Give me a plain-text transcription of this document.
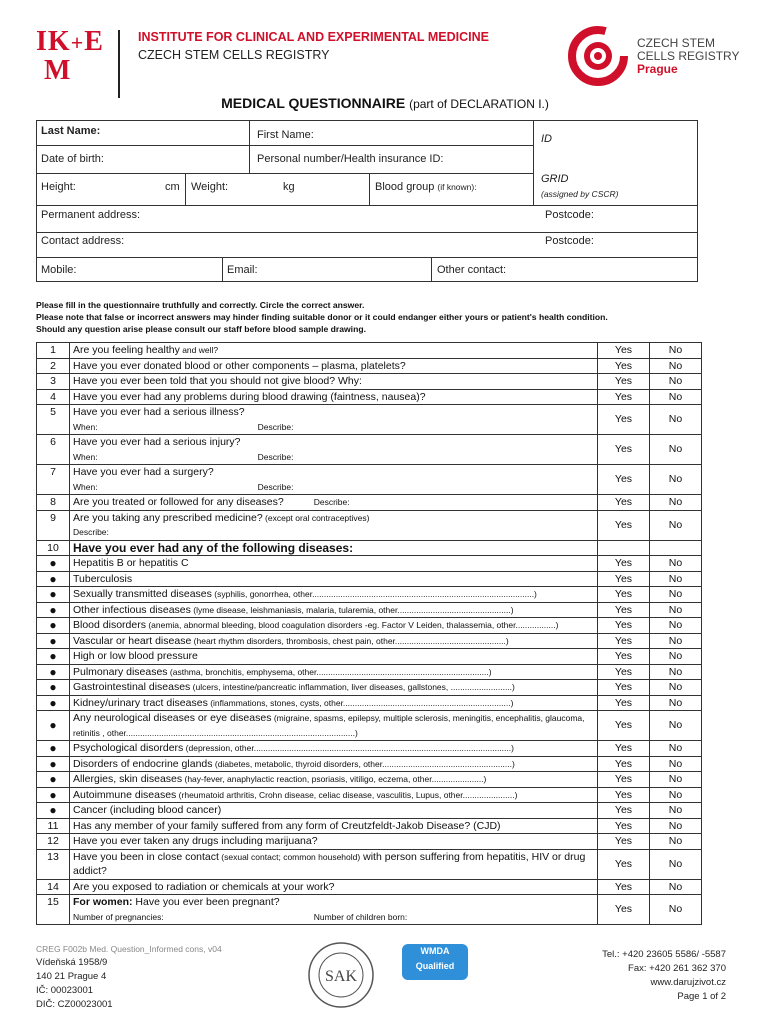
IK+E
M
INSTITUTE FOR CLINICAL AND EXPERIMENTAL MEDICINE
CZECH STEM CELLS REGISTRY
CZECH STEM
CELLS REGISTRY
Prague
MEDICAL QUESTIONNAIRE (part of DECLARATION I.)
Last Name:	First Name:	ID
Date of birth:	Personal number/Health insurance ID:
Height:	cm Weight:	kg	Blood group (if known):
GRID
(assigned by CSCR)
Permanent address:	Postcode:
Contact address:	Postcode:
Mobile:	Email:	Other contact:
Please fill in the questionnaire truthfully and correctly. Circle the correct answer.
Please note that false or incorrect answers may hinder finding suitable donor or it could endanger either yours or patient's health condition.
Should any question arise please consult our staff before blood sample drawing.
1	Are you feeling healthy and well?	Yes	No
2	Have you ever donated blood or other components – plasma, platelets?	Yes	No
3	Have you ever been told that you should not give blood? Why:	Yes	No
4	Have you ever had any problems during blood drawing (faintness, nausea)?	Yes	No
5	Have you ever had a serious illness?
When: Describe:	Yes	No
6	Have you ever had a serious injury?
When: Describe:	Yes	No
7	Have you ever had a surgery?
When: Describe:	Yes	No
8	Are you treated or followed for any diseases? Describe:	Yes	No
9	Are you taking any prescribed medicine? (except oral contraceptives)
Describe:	Yes	No
10	Have you ever had any of the following diseases:		
●	Hepatitis B or hepatitis C	Yes	No
●	Tuberculosis	Yes	No
●	Sexually transmitted diseases (syphilis, gonorrhea, other..............................................................................................)	Yes	No
●	Other infectious diseases (lyme disease, leishmaniasis, malaria, tularemia, other................................................)	Yes	No
●	Blood disorders (anemia, abnormal bleeding, blood coagulation disorders -eg. Factor V Leiden, thalassemia, other.................)	Yes	No
●	Vascular or heart disease (heart rhythm disorders, thrombosis, chest pain, other...............................................)	Yes	No
●	High or low blood pressure	Yes	No
●	Pulmonary diseases (asthma, bronchitis, emphysema, other.........................................................................)	Yes	No
●	Gastrointestinal diseases (ulcers, intestine/pancreatic inflammation, liver diseases, gallstones, ..........................)	Yes	No
●	Kidney/urinary tract diseases (inflammations, stones, cysts, other.......................................................................)	Yes	No
●	Any neurological diseases or eye diseases (migraine, spasms, epilepsy, multiple sclerosis, meningitis, encephalitis, glaucoma, retinitis , other.................................................................................................)	Yes	No
●	Psychological disorders (depression, other.............................................................................................................)	Yes	No
●	Disorders of endocrine glands (diabetes, metabolic, thyroid disorders, other.......................................................)	Yes	No
●	Allergies, skin diseases (hay-fever, anaphylactic reaction, psoriasis, vitiligo, eczema, other......................)	Yes	No
●	Autoimmune diseases (rheumatoid arthritis, Crohn disease, celiac disease, vasculitis, Lupus, other......................)	Yes	No
●	Cancer (including blood cancer)	Yes	No
11	Has any member of your family suffered from any form of Creutzfeldt-Jakob Disease? (CJD)	Yes	No
12	Have you ever taken any drugs including marijuana?	Yes	No
13	Have you been in close contact (sexual contact; common household) with person suffering from hepatitis, HIV or drug addict?	Yes	No
14	Are you exposed to radiation or chemicals at your work?	Yes	No
15	For women: Have you ever been pregnant?
Number of pregnancies: Number of children born:	Yes	No
CREG F002b Med. Question_Informed cons, v04
Vídeňská 1958/9
140 21 Prague 4
IČ: 00023001
DIČ: CZ00023001
SAK
WMDA
Qualified
Tel.: +420 23605 5586/ -5587
Fax: +420 261 362 370
www.darujzivot.cz
Page 1 of 2
